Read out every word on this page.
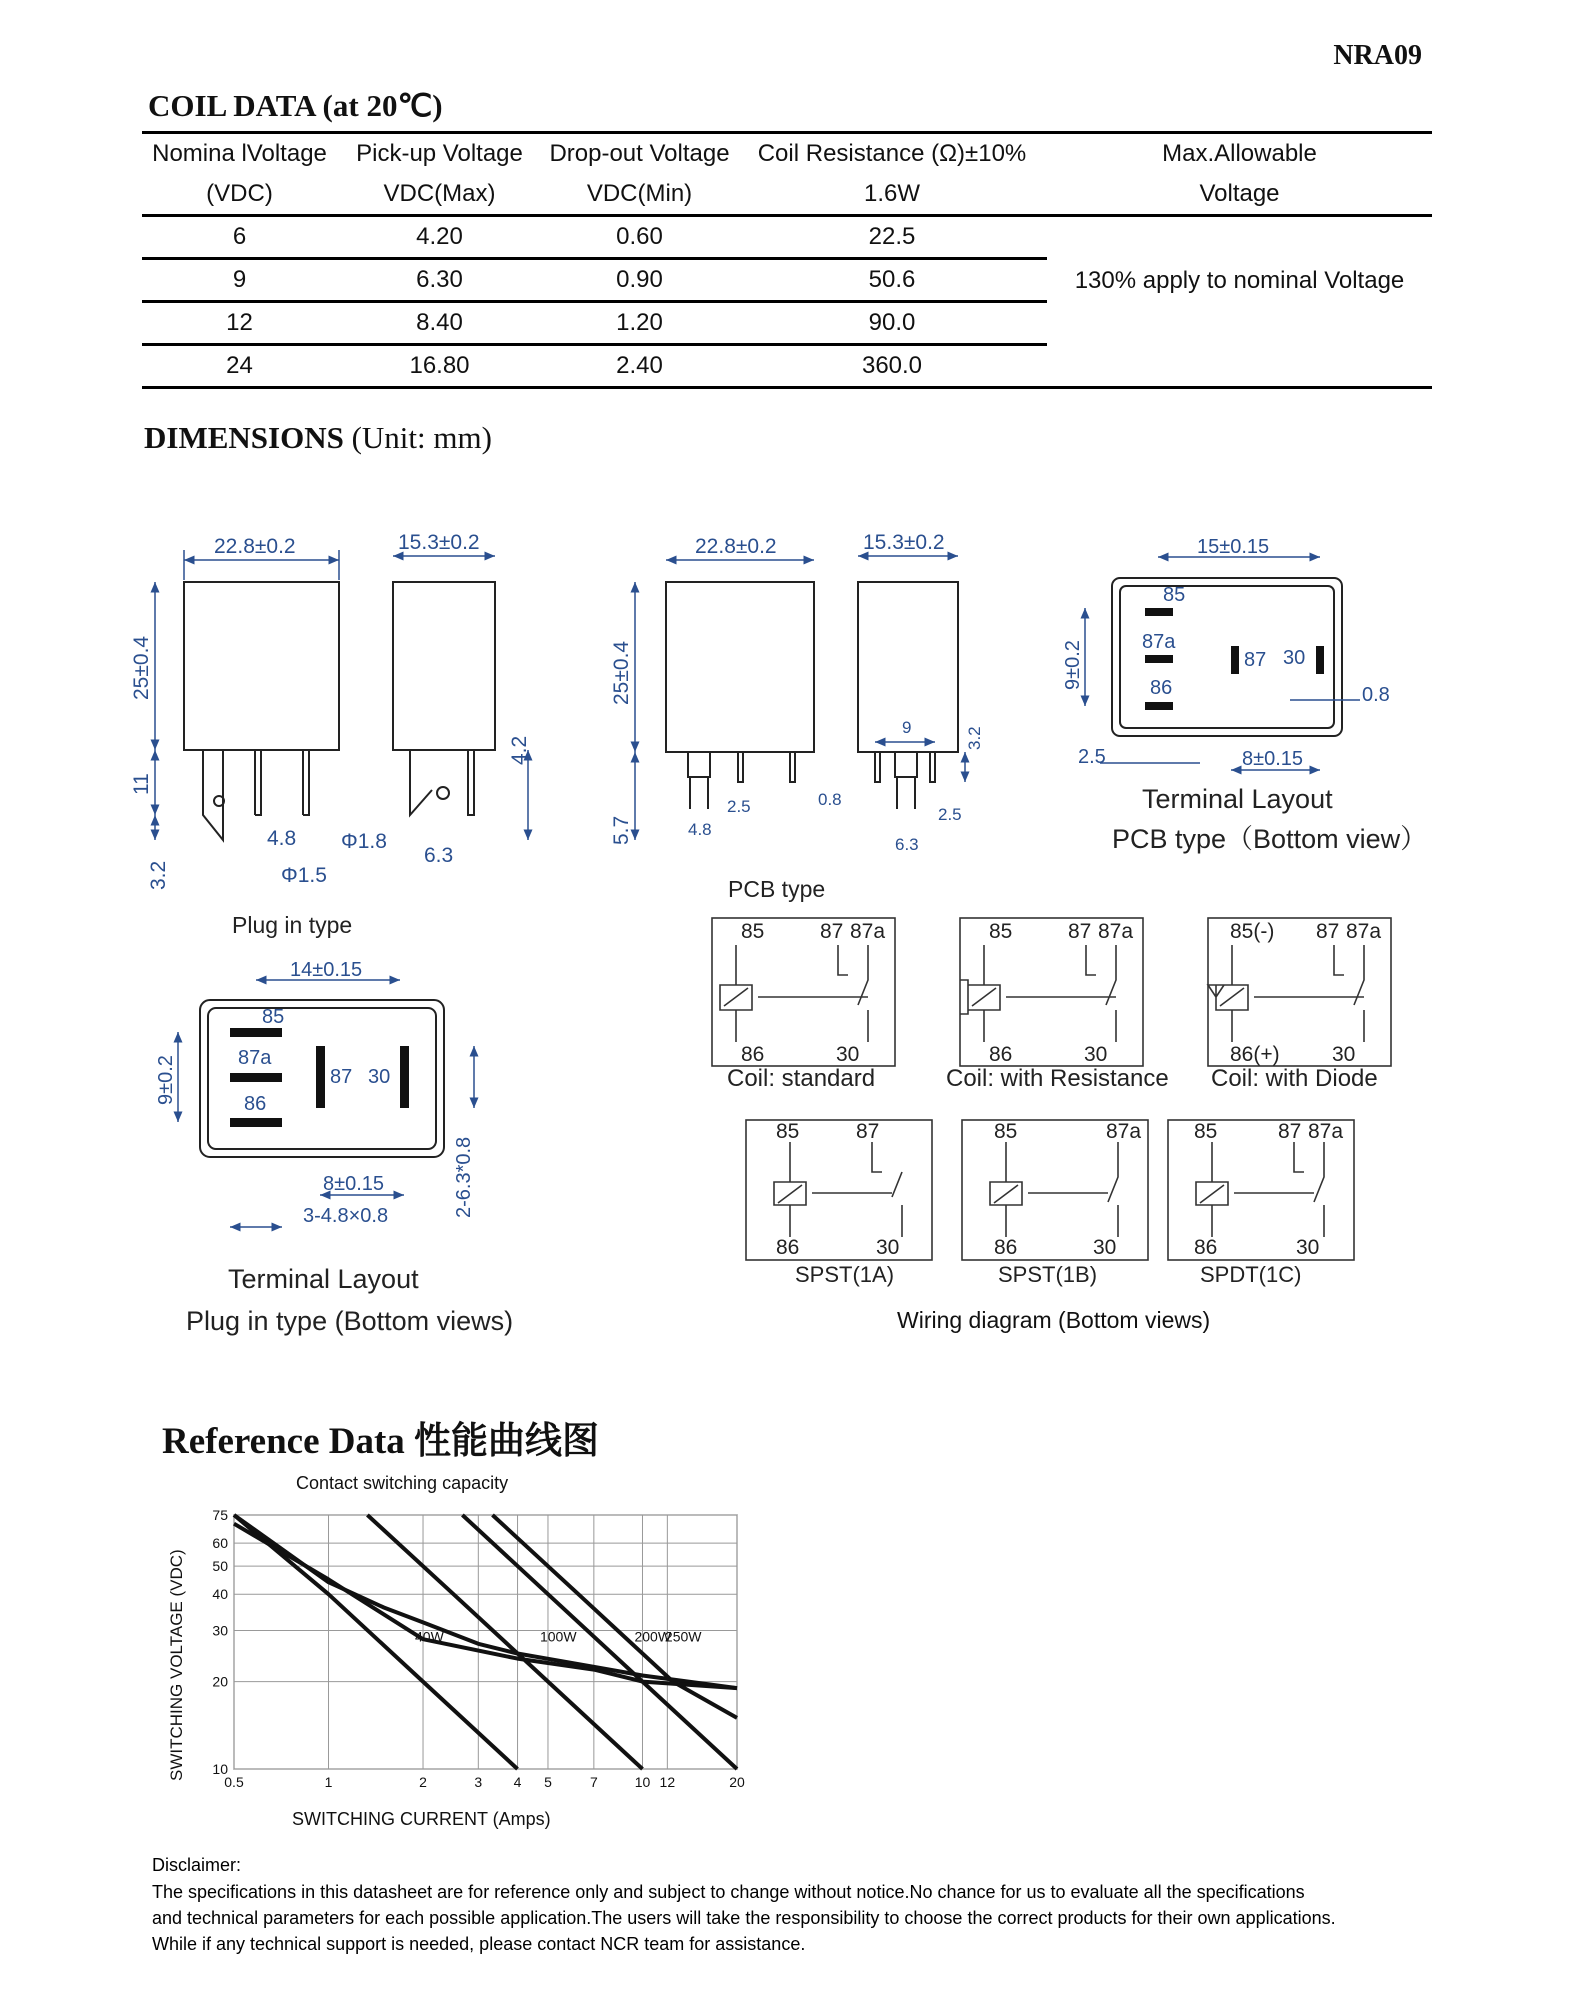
NRA09
COIL DATA (at 20℃)
Nomina lVoltage	Pick-up Voltage	Drop-out Voltage	Coil Resistance (Ω)±10%	Max.Allowable
(VDC)	VDC(Max)	VDC(Min)	1.6W	Voltage
6	4.20	0.60	22.5	130% apply to nominal Voltage
9	6.30	0.90	50.6	
12	8.40	1.20	90.0	
24	16.80	2.40	360.0	
DIMENSIONS (Unit: mm)
22.8±0.2	15.3±0.2
25±0.4
11
4.8
3.2	Φ1.5
Φ1.8
6.3
4.2
22.8±0.2	15.3±0.2
25±0.4
5.7	4.8
2.5	0.8
9	3.2
2.5
6.3
15±0.15
9±0.2
8±0.15
2.5
0.8
85
87a
86
87 30
14±0.15
9±0.2
8±0.15
3-4.8×0.8	2-6.3*0.8
85
87a
86
87 30
Plug in type
PCB type
Terminal Layout
PCB type（Bottom view）
Terminal Layout
Plug in type (Bottom views)
85	87 87a
86	30
85	87 87a
86	30
85(-) 87 87a
86(+) 30
85	87
86	30
85	87a
86	30
85	87 87a
86	30
Coil: standard	Coil: with Resistance Coil: with Diode
SPST(1A)	SPST(1B)	SPDT(1C)
Wiring diagram (Bottom views)
Reference Data 性能曲线图
Contact switching capacity
SWITCHING CURRENT (Amps)
SWITCHING VOLTAGE (VDC)
0.5	1	2	3 4 5	7	10 12	20
10
20
30
40
50
60
75
40W	100W	200W
250W
Disclaimer:
The specifications in this datasheet are for reference only and subject to change without notice.No chance for us to evaluate all the specifications
and technical parameters for each possible application.The users will take the responsibility to choose the correct products for their own applications.
While if any technical support is needed, please contact NCR team for assistance.
